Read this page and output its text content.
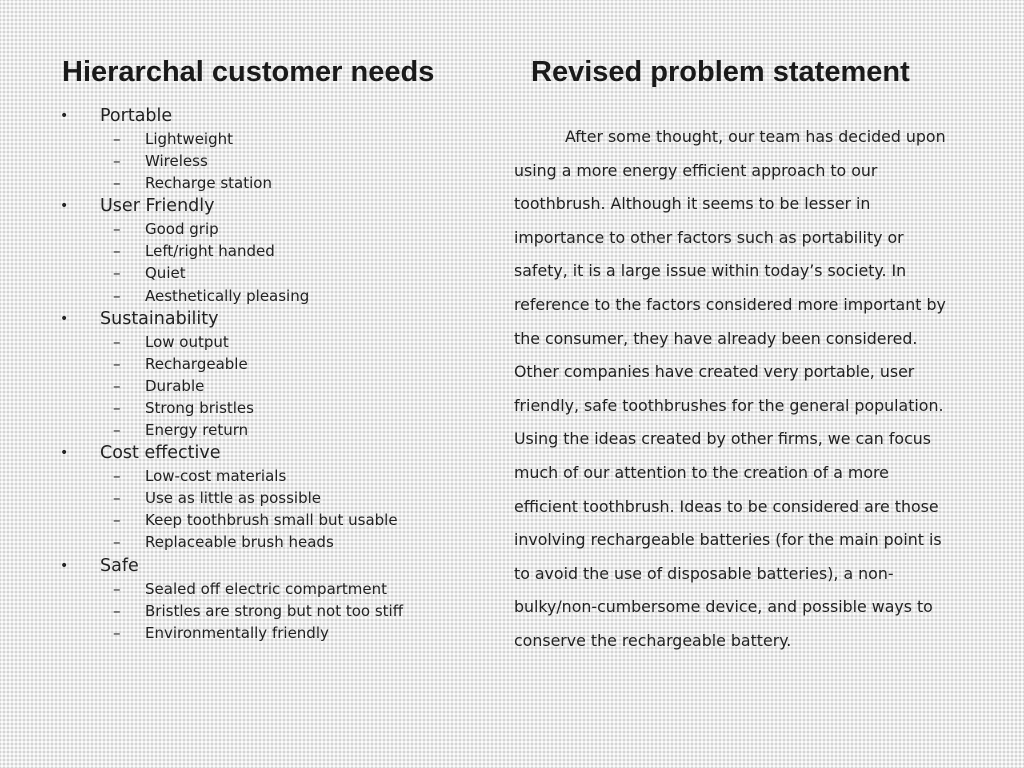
Hierarchal customer needs	Revised problem statement
• Portable
– Lightweight
– Wireless
– Recharge station
• User Friendly
– Good grip
– Left/right handed
– Quiet
– Aesthetically pleasing
• Sustainability
– Low output
– Rechargeable
– Durable
– Strong bristles
– Energy return
• Cost effective
– Low-cost materials
– Use as little as possible
– Keep toothbrush small but usable
– Replaceable brush heads
• Safe
– Sealed off electric compartment
– Bristles are strong but not too stiff
– Environmentally friendly
After some thought, our team has decided upon
using a more energy efficient approach to our
toothbrush. Although it seems to be lesser in
importance to other factors such as portability or
safety, it is a large issue within today’s society. In
reference to the factors considered more important by
the consumer, they have already been considered.
Other companies have created very portable, user
friendly, safe toothbrushes for the general population.
Using the ideas created by other firms, we can focus
much of our attention to the creation of a more
efficient toothbrush. Ideas to be considered are those
involving rechargeable batteries (for the main point is
to avoid the use of disposable batteries), a non-
bulky/non-cumbersome device, and possible ways to
conserve the rechargeable battery.
